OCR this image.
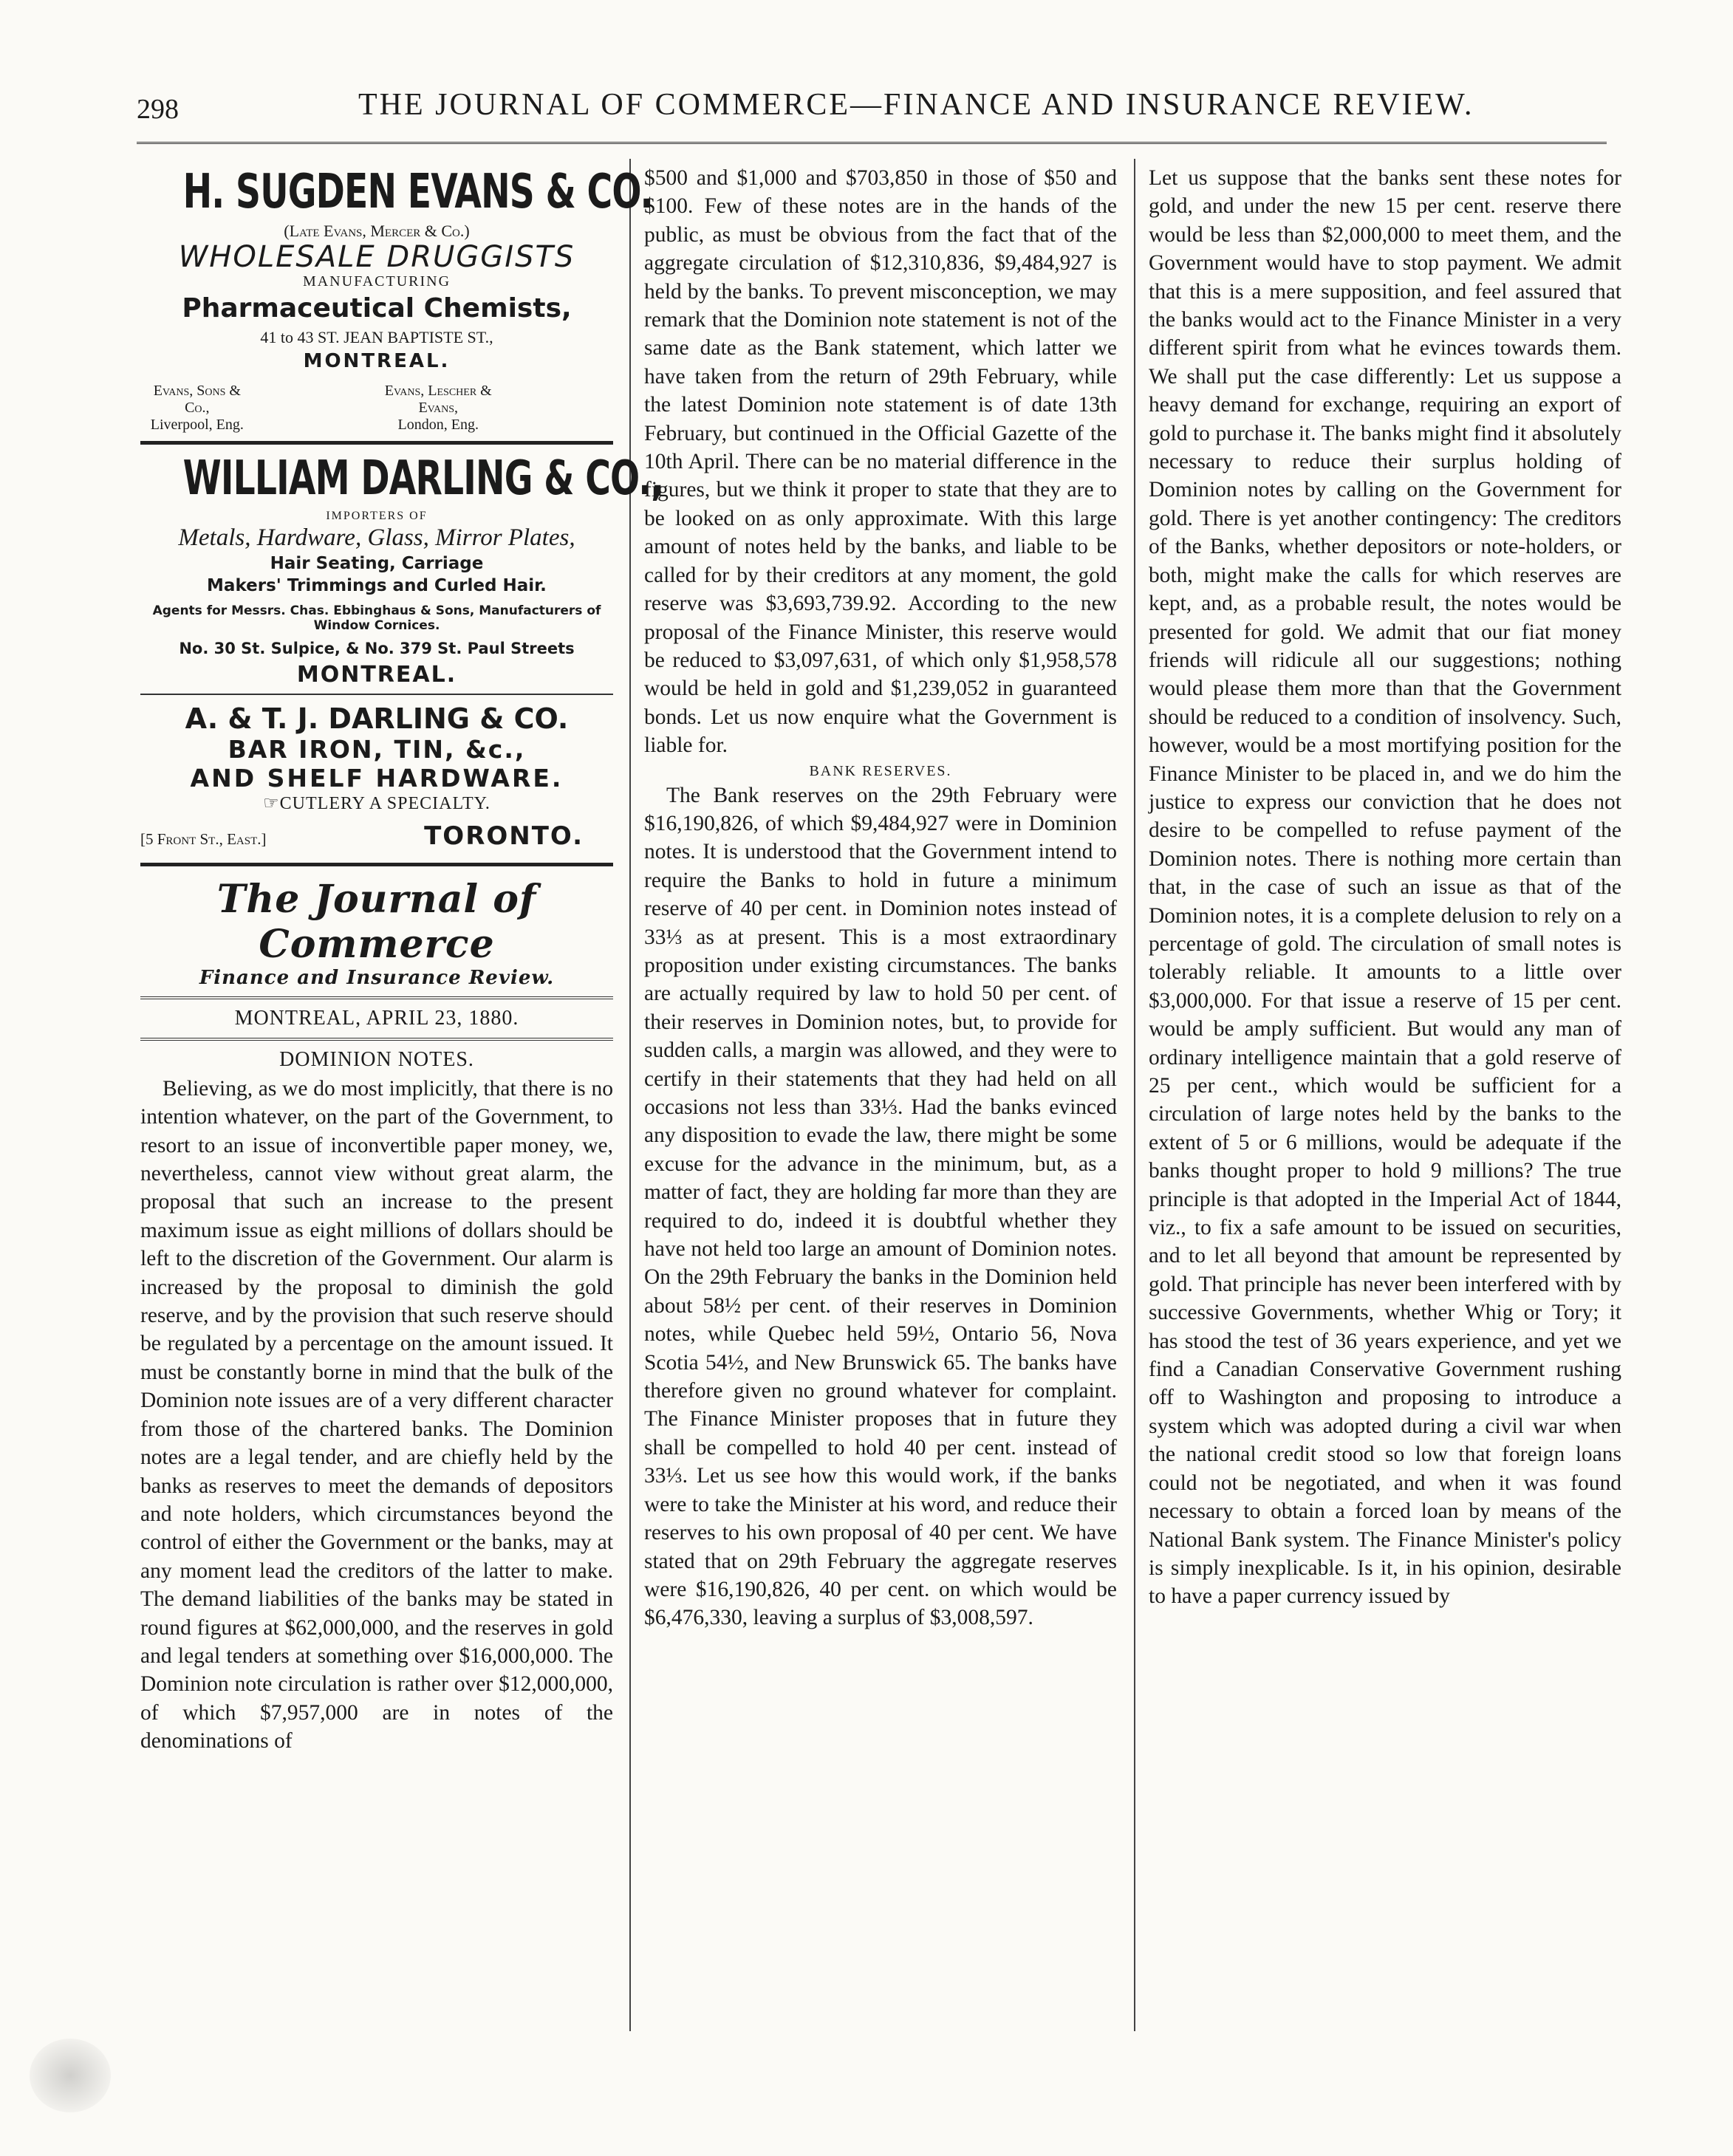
298	THE JOURNAL OF COMMERCE—FINANCE AND INSURANCE REVIEW.
H. SUGDEN EVANS & CO.
(Late Evans, Mercer & Co.)
WHOLESALE DRUGGISTS
MANUFACTURING
Pharmaceutical Chemists,
41 to 43 ST. JEAN BAPTISTE ST.,
MONTREAL.
Evans, Sons & Co.,
Liverpool, Eng.
Evans, Lescher & Evans,
London, Eng.
WILLIAM DARLING & CO.,
IMPORTERS OF
Metals, Hardware, Glass, Mirror Plates,
Hair Seating, Carriage
Makers' Trimmings and Curled Hair.
Agents for Messrs. Chas. Ebbinghaus & Sons, Manufacturers of Window Cornices.
No. 30 St. Sulpice, & No. 379 St. Paul Streets
MONTREAL.
A. & T. J. DARLING & CO.
BAR IRON, TIN, &c.,
AND SHELF HARDWARE.
☞CUTLERY A SPECIALTY.
[5 Front St., East.]	TORONTO.
The Journal of Commerce
Finance and Insurance Review.
MONTREAL, APRIL 23, 1880.
DOMINION NOTES.

Believing, as we do most implicitly, that there is no intention whatever, on the part of the Government, to resort to an issue of inconvertible paper money, we, nevertheless, cannot view without great alarm, the proposal that such an increase to the present maximum issue as eight millions of dollars should be left to the discretion of the Government. Our alarm is increased by the proposal to diminish the gold reserve, and by the provision that such reserve should be regulated by a percentage on the amount issued. It must be constantly borne in mind that the bulk of the Dominion note issues are of a very different character from those of the chartered banks. The Dominion notes are a legal tender, and are chiefly held by the banks as reserves to meet the demands of depositors and note holders, which circumstances beyond the control of either the Government or the banks, may at any moment lead the creditors of the latter to make. The demand liabilities of the banks may be stated in round figures at $62,000,000, and the reserves in gold and legal tenders at something over $16,000,000. The Dominion note circulation is rather over $12,000,000, of which $7,957,000 are in notes of the denominations of

$500 and $1,000 and $703,850 in those of $50 and $100. Few of these notes are in the hands of the public, as must be obvious from the fact that of the aggregate circulation of $12,310,836, $9,484,927 is held by the banks. To prevent misconception, we may remark that the Dominion note statement is not of the same date as the Bank statement, which latter we have taken from the return of 29th February, while the latest Dominion note statement is of date 13th February, but continued in the Official Gazette of the 10th April. There can be no material difference in the figures, but we think it proper to state that they are to be looked on as only approximate. With this large amount of notes held by the banks, and liable to be called for by their creditors at any moment, the gold reserve was $3,693,739.92. According to the new proposal of the Finance Minister, this reserve would be reduced to $3,097,631, of which only $1,958,578 would be held in gold and $1,239,052 in guaranteed bonds. Let us now enquire what the Government is liable for.

BANK RESERVES.

The Bank reserves on the 29th February were $16,190,826, of which $9,484,927 were in Dominion notes. It is understood that the Government intend to require the Banks to hold in future a minimum reserve of 40 per cent. in Dominion notes instead of 33⅓ as at present. This is a most extraordinary proposition under existing circumstances. The banks are actually required by law to hold 50 per cent. of their reserves in Dominion notes, but, to provide for sudden calls, a margin was allowed, and they were to certify in their statements that they had held on all occasions not less than 33⅓. Had the banks evinced any disposition to evade the law, there might be some excuse for the advance in the minimum, but, as a matter of fact, they are holding far more than they are required to do, indeed it is doubtful whether they have not held too large an amount of Dominion notes. On the 29th February the banks in the Dominion held about 58½ per cent. of their reserves in Dominion notes, while Quebec held 59½, Ontario 56, Nova Scotia 54½, and New Brunswick 65. The banks have therefore given no ground whatever for complaint. The Finance Minister proposes that in future they shall be compelled to hold 40 per cent. instead of 33⅓. Let us see how this would work, if the banks were to take the Minister at his word, and reduce their reserves to his own proposal of 40 per cent. We have stated that on 29th February the aggregate reserves were $16,190,826, 40 per cent. on which would be $6,476,330, leaving a surplus of $3,008,597.

Let us suppose that the banks sent these notes for gold, and under the new 15 per cent. reserve there would be less than $2,000,000 to meet them, and the Government would have to stop payment. We admit that this is a mere supposition, and feel assured that the banks would act to the Finance Minister in a very different spirit from what he evinces towards them. We shall put the case differently: Let us suppose a heavy demand for exchange, requiring an export of gold to purchase it. The banks might find it absolutely necessary to reduce their surplus holding of Dominion notes by calling on the Government for gold. There is yet another contingency: The creditors of the Banks, whether depositors or note-holders, or both, might make the calls for which reserves are kept, and, as a probable result, the notes would be presented for gold. We admit that our fiat money friends will ridicule all our suggestions; nothing would please them more than that the Government should be reduced to a condition of insolvency. Such, however, would be a most mortifying position for the Finance Minister to be placed in, and we do him the justice to express our conviction that he does not desire to be compelled to refuse payment of the Dominion notes. There is nothing more certain than that, in the case of such an issue as that of the Dominion notes, it is a complete delusion to rely on a percentage of gold. The circulation of small notes is tolerably reliable. It amounts to a little over $3,000,000. For that issue a reserve of 15 per cent. would be amply sufficient. But would any man of ordinary intelligence maintain that a gold reserve of 25 per cent., which would be sufficient for a circulation of large notes held by the banks to the extent of 5 or 6 millions, would be adequate if the banks thought proper to hold 9 millions? The true principle is that adopted in the Imperial Act of 1844, viz., to fix a safe amount to be issued on securities, and to let all beyond that amount be represented by gold. That principle has never been interfered with by successive Governments, whether Whig or Tory; it has stood the test of 36 years experience, and yet we find a Canadian Conservative Government rushing off to Washington and proposing to introduce a system which was adopted during a civil war when the national credit stood so low that foreign loans could not be negotiated, and when it was found necessary to obtain a forced loan by means of the National Bank system. The Finance Minister's policy is simply inexplicable. Is it, in his opinion, desirable to have a paper currency issued by
